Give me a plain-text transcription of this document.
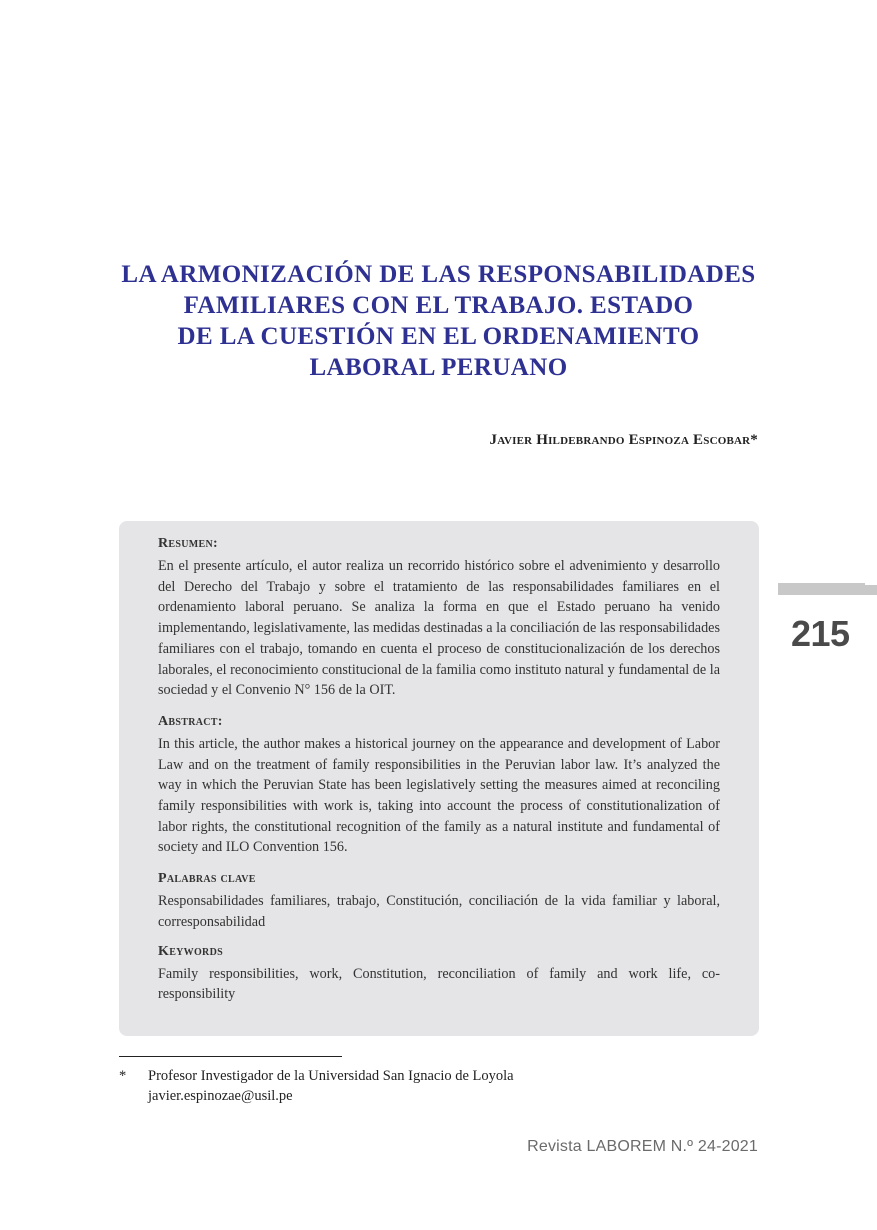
LA ARMONIZACIÓN DE LAS RESPONSABILIDADES
FAMILIARES CON EL TRABAJO. ESTADO
DE LA CUESTIÓN EN EL ORDENAMIENTO
LABORAL PERUANO
Javier Hildebrando Espinoza Escobar*
Resumen:

En el presente artículo, el autor realiza un recorrido histórico sobre el advenimiento y desarrollo del Derecho del Trabajo y sobre el tratamiento de las responsabilidades familiares en el ordenamiento laboral peruano. Se analiza la forma en que el Estado peruano ha venido implementando, legislativamente, las medidas destinadas a la conciliación de las responsabilidades familiares con el trabajo, tomando en cuenta el proceso de constitucionalización de los derechos laborales, el reconocimiento constitucional de la familia como instituto natural y fundamental de la sociedad y el Convenio N° 156 de la OIT.

Abstract:

In this article, the author makes a historical journey on the appearance and development of Labor Law and on the treatment of family responsibilities in the Peruvian labor law. It’s analyzed the way in which the Peruvian State has been legislatively setting the measures aimed at reconciling family responsibilities with work is, taking into account the process of constitutionalization of labor rights, the constitutional recognition of the family as a natural institute and fundamental of society and ILO Convention 156.

Palabras clave

Responsabilidades familiares, trabajo, Constitución, conciliación de la vida familiar y laboral, corresponsabilidad

Keywords

Family responsibilities, work, Constitution, reconciliation of family and work life, co-responsibility

215
* Profesor Investigador de la Universidad San Ignacio de Loyola
javier.espinozae@usil.pe
Revista LABOREM N.º 24-2021
